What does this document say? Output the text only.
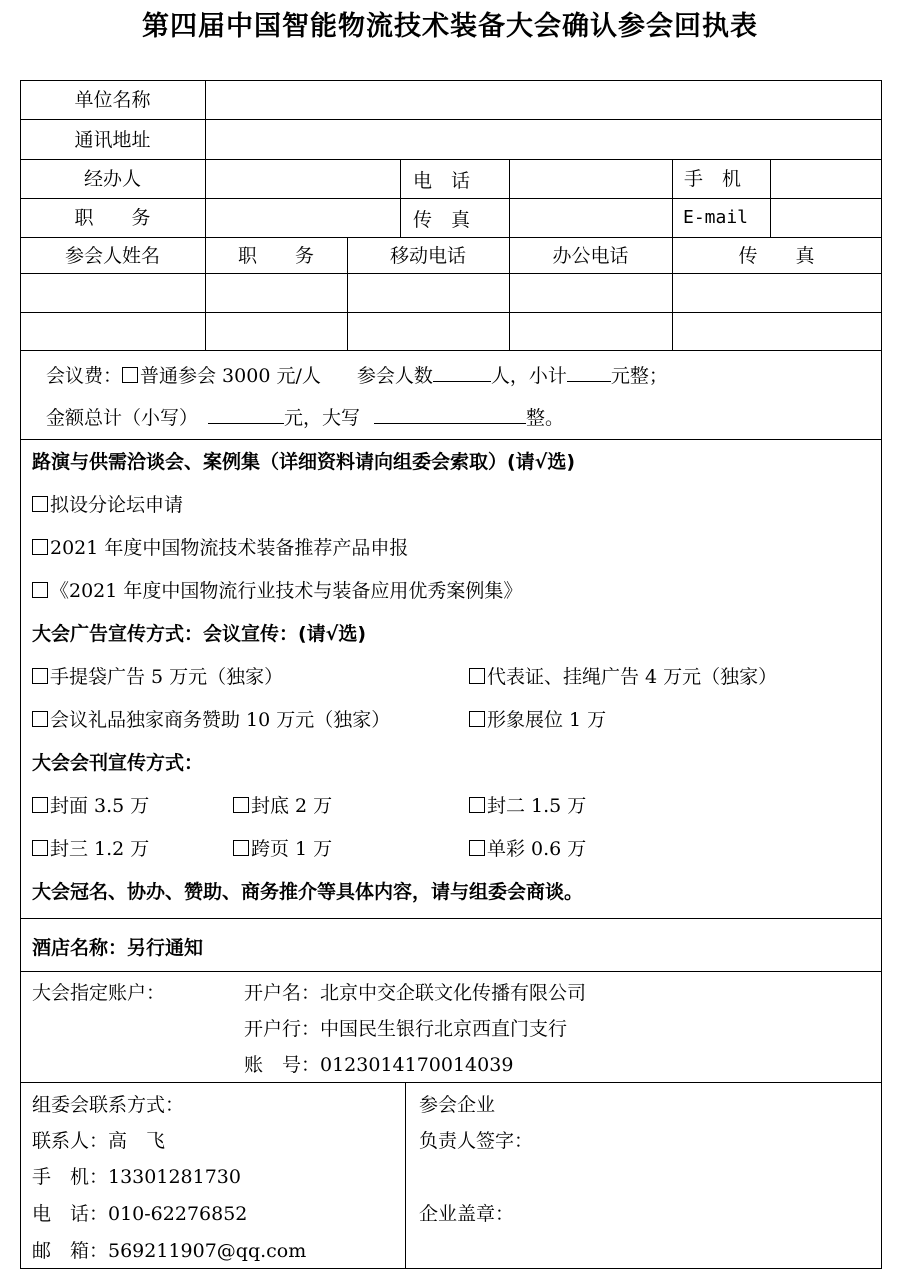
第四届中国智能物流技术装备大会确认参会回执表
单位名称
通讯地址
经办人	电　话	手　机
职　　务	传　真	E-mail
参会人姓名	职　　务	移动电话	办公电话	传　　真
会议费： 普通参会 3000 元/人 参会人数	人，小计 元整；
金额总计（小写）	元，大写	整。
路演与供需洽谈会、案例集（详细资料请向组委会索取）(请√选)
拟设分论坛申请
2021 年度中国物流技术装备推荐产品申报
《2021 年度中国物流行业技术与装备应用优秀案例集》
大会广告宣传方式：会议宣传：(请√选)
手提袋广告 5 万元（独家）	代表证、挂绳广告 4 万元（独家）
会议礼品独家商务赞助 10 万元（独家）	形象展位 1 万
大会会刊宣传方式：
封面 3.5 万	封底 2 万	封二 1.5 万
封三 1.2 万	跨页 1 万	单彩 0.6 万
大会冠名、协办、赞助、商务推介等具体内容，请与组委会商谈。
酒店名称：另行通知
大会指定账户：	开户名：北京中交企联文化传播有限公司
开户行：中国民生银行北京西直门支行
账　号：0123014170014039
组委会联系方式：
联系人：高　飞
手　机：13301281730
电　话：010-62276852
邮　箱：569211907@qq.com
参会企业
负责人签字：
企业盖章：
